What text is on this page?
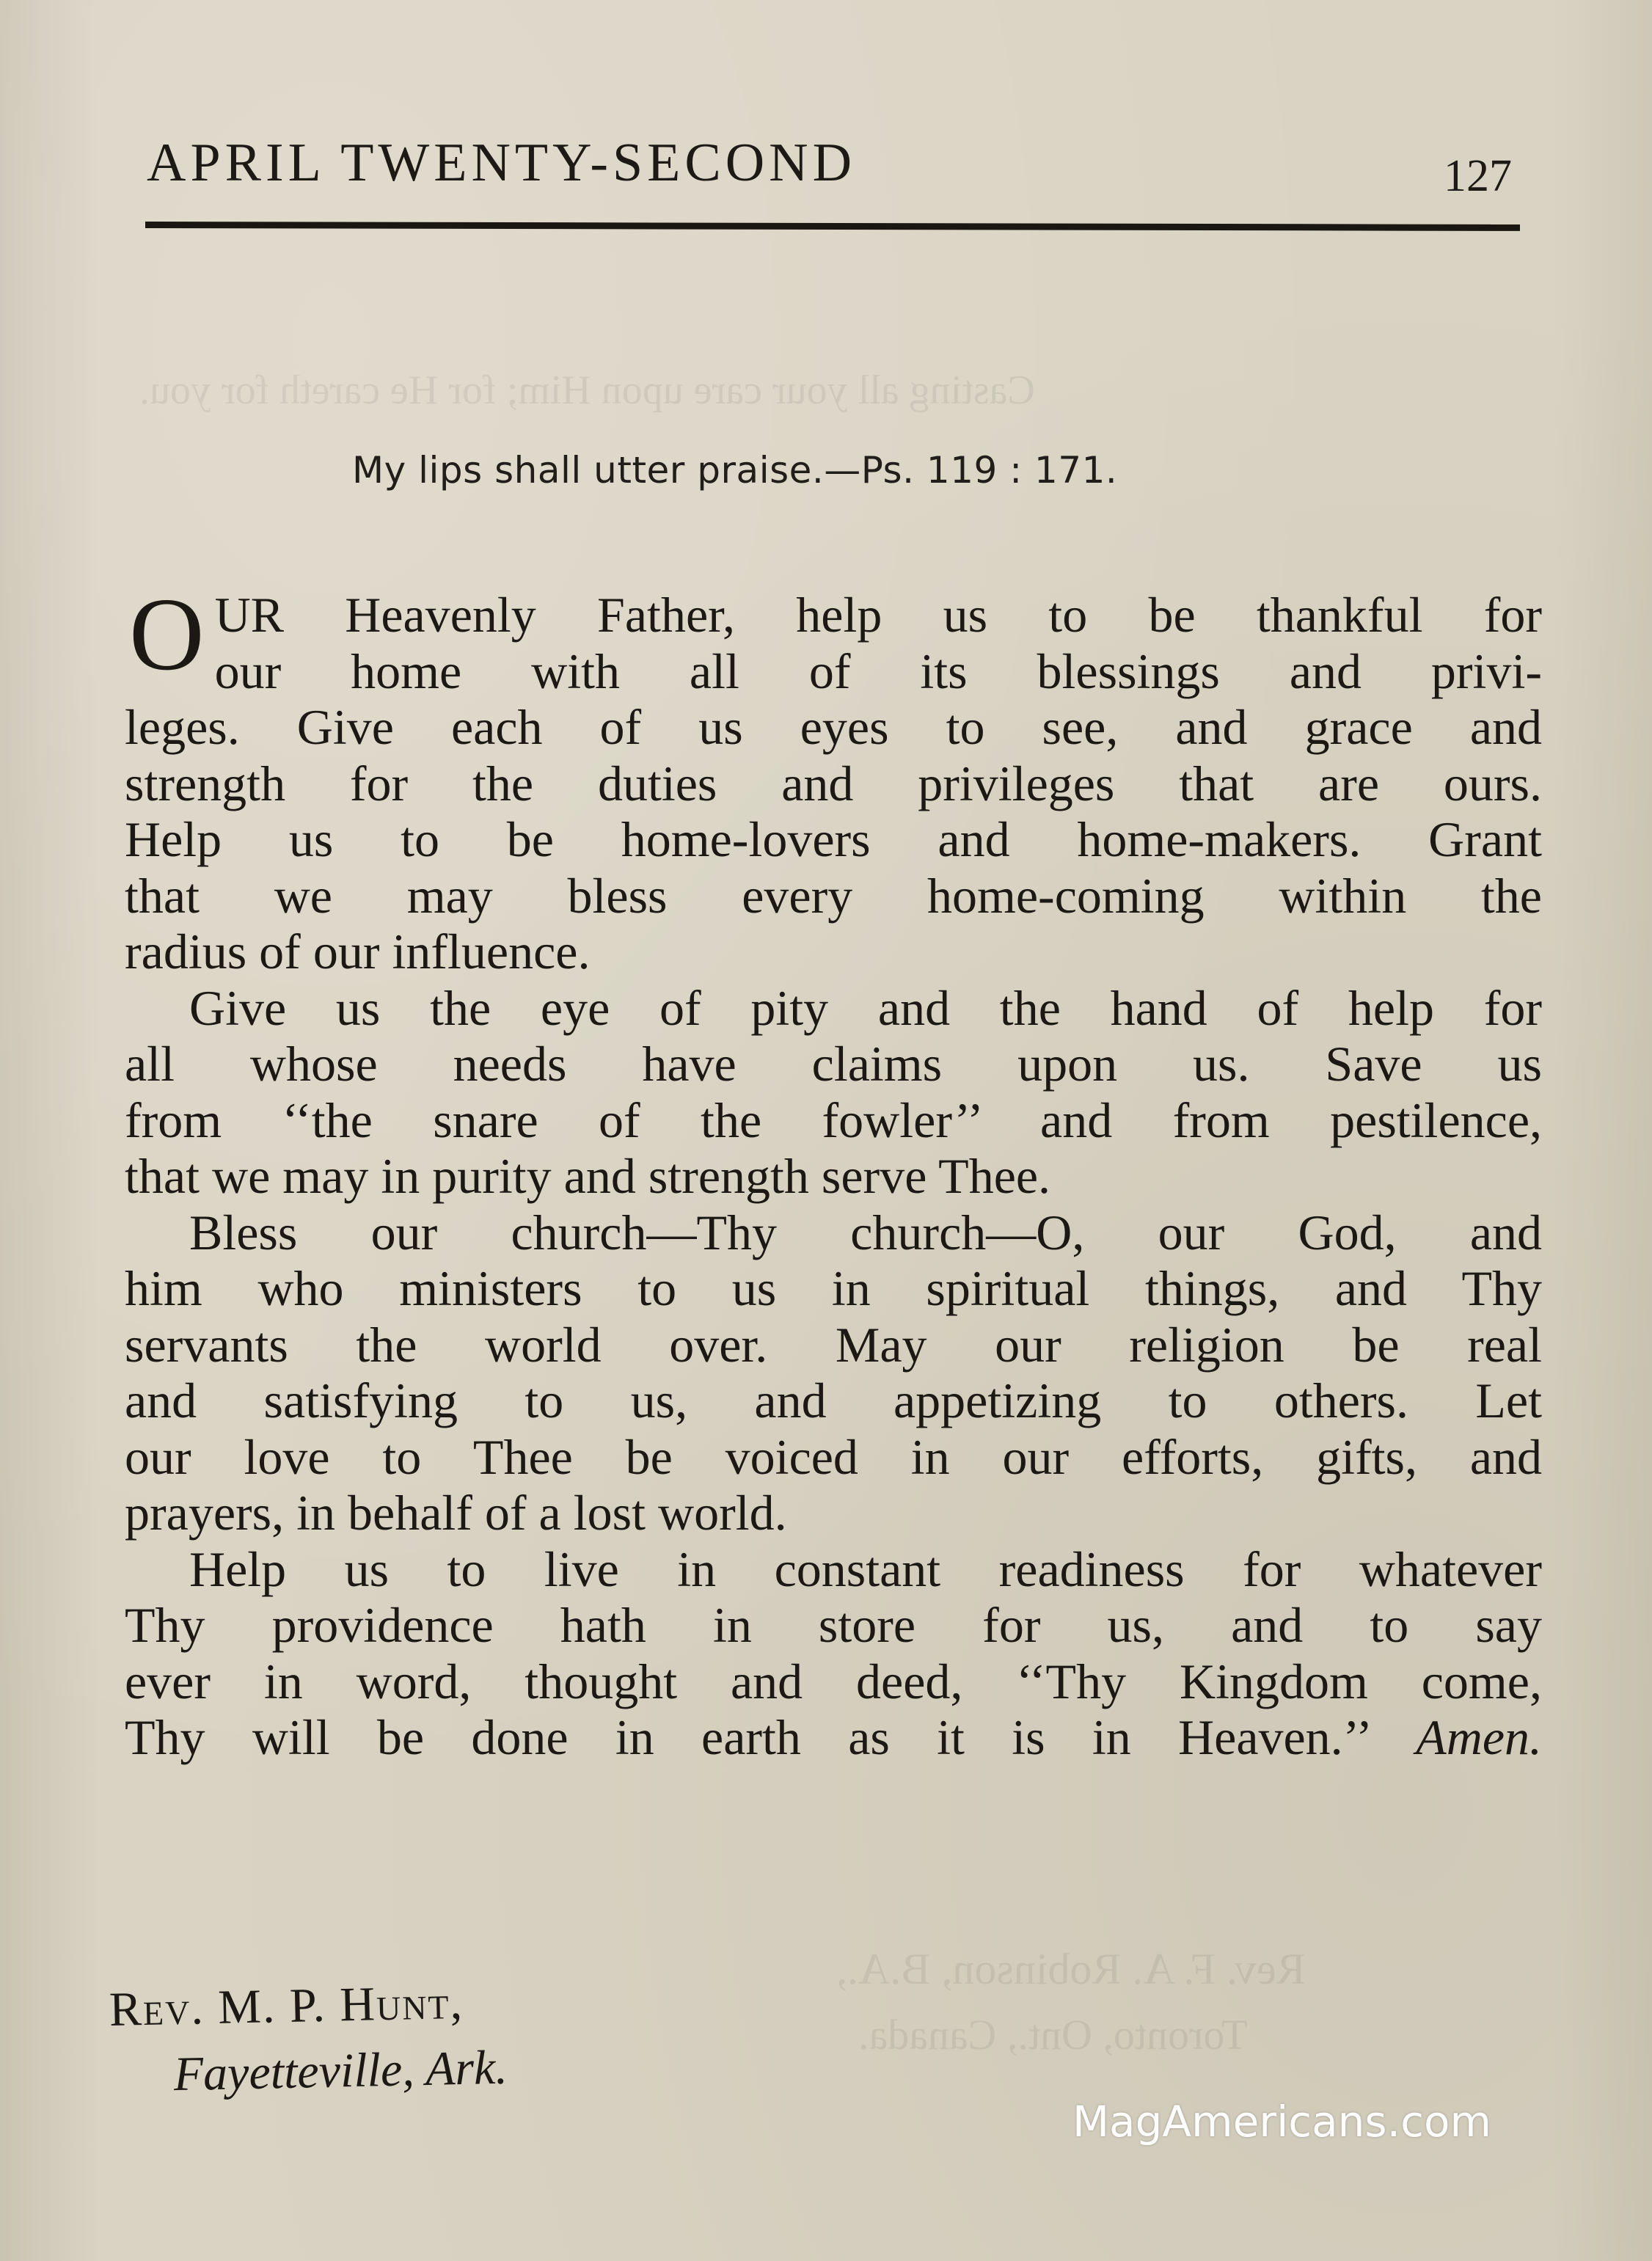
Casting all your care upon Him; for He careth for you.
Rev. F. A. Robinson, B.A.,
Toronto, Ont., Canada.
APRIL TWENTY-SECOND	127
My lips shall utter praise.—Ps. 119 : 171.

O UR Heavenly Father, help us to be thankful for
our home with all of its blessings and privi-
leges. Give each of us eyes to see, and grace and
strength for the duties and privileges that are ours.
Help us to be home-lovers and home-makers. Grant
that we may bless every home-coming within the
radius of our influence.

Give us the eye of pity and the hand of help for
all whose needs have claims upon us. Save us
from ‘‘the snare of the fowler’’ and from pestilence,
that we may in purity and strength serve Thee.

Bless our church—Thy church—O, our God, and
him who ministers to us in spiritual things, and Thy
servants the world over. May our religion be real
and satisfying to us, and appetizing to others. Let
our love to Thee be voiced in our efforts, gifts, and
prayers, in behalf of a lost world.

Help us to live in constant readiness for whatever
Thy providence hath in store for us, and to say
ever in word, thought and deed, ‘‘Thy Kingdom come,
Thy will be done in earth as it is in Heaven.’’ Amen.

Rev. M. P. Hunt,
Fayetteville, Ark.
MagAmericans.com
